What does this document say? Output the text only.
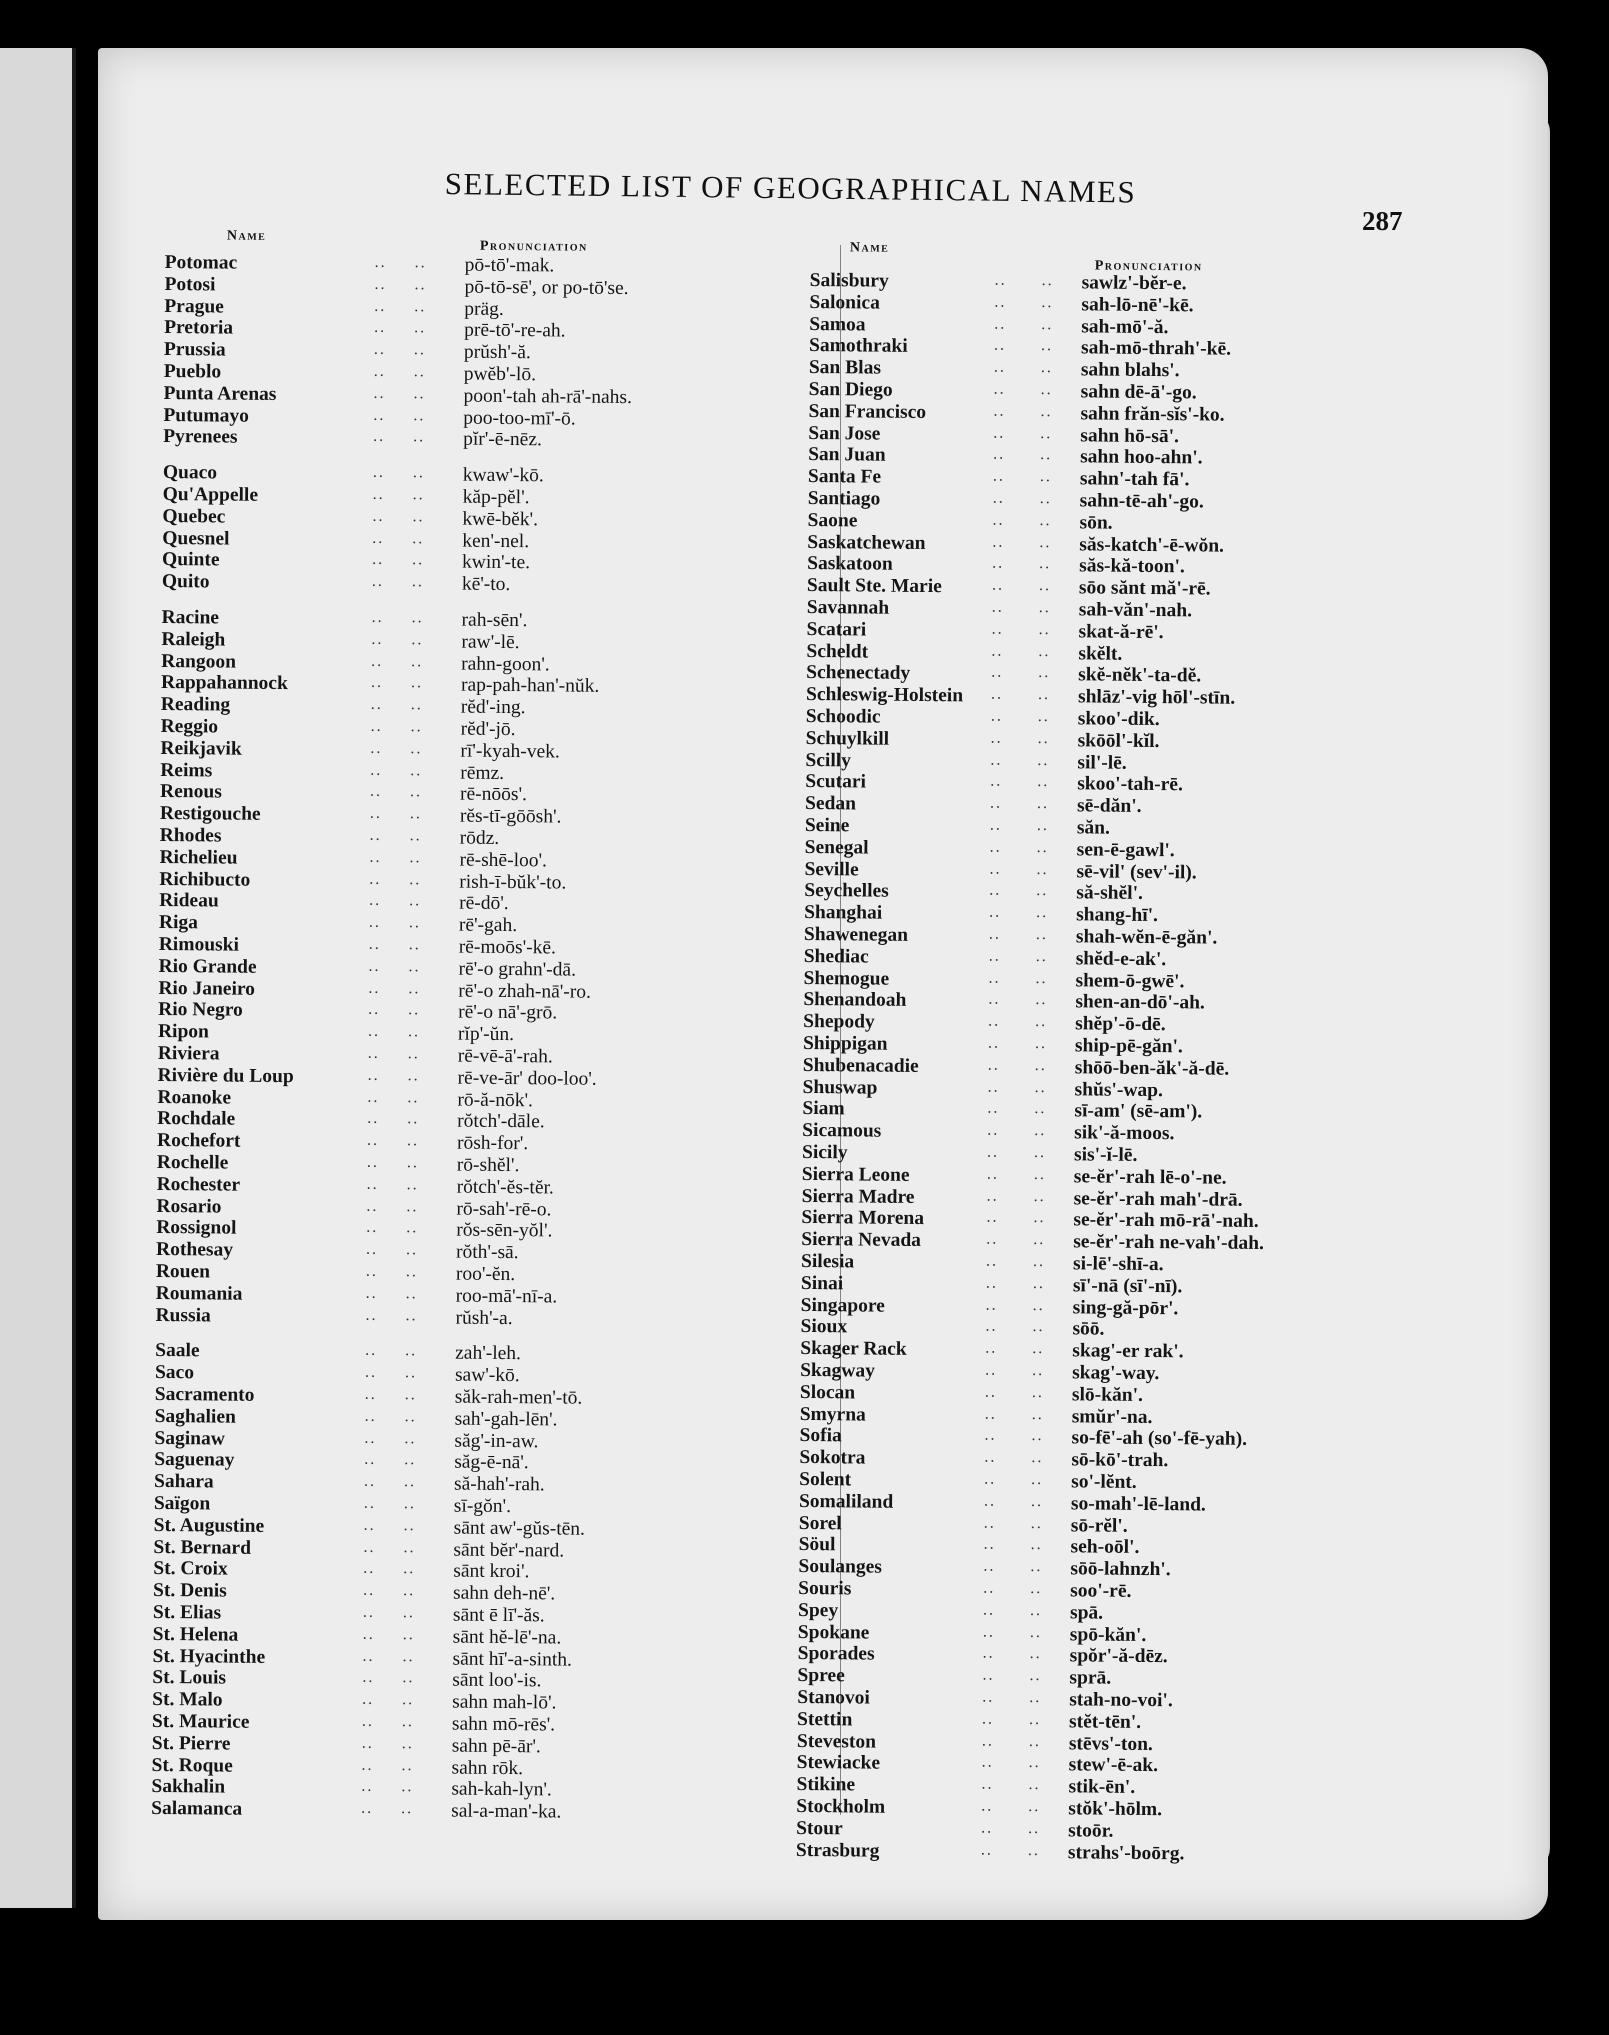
SELECTED LIST OF GEOGRAPHICAL NAMES
287
Name
Pronunciation
Potomac	.. .. pō-tō'-mak.
Potosi	.. .. pō-tō-sē', or po-tō'se.
Prague	.. .. präg.
Pretoria	.. .. prē-tō'-re-ah.
Prussia	.. .. prŭsh'-ă.
Pueblo	.. .. pwĕb'-lō.
Punta Arenas	.. .. poon'-tah ah-rā'-nahs.
Putumayo	.. .. poo-too-mī'-ō.
Pyrenees	.. .. pĭr'-ē-nēz.
Quaco	.. .. kwaw'-kō.
Qu'Appelle	.. .. kăp-pĕl'.
Quebec	.. .. kwē-bĕk'.
Quesnel	.. .. ken'-nel.
Quinte	.. .. kwin'-te.
Quito	.. .. kē'-to.
Racine	.. .. rah-sēn'.
Raleigh	.. .. raw'-lē.
Rangoon	.. .. rahn-goon'.
Rappahannock	.. .. rap-pah-han'-nŭk.
Reading	.. .. rĕd'-ing.
Reggio	.. .. rĕd'-jō.
Reikjavik	.. .. rī'-kyah-vek.
Reims	.. .. rēmz.
Renous	.. .. rē-nōōs'.
Restigouche	.. .. rĕs-tī-gōōsh'.
Rhodes	.. .. rōdz.
Richelieu	.. .. rē-shē-loo'.
Richibucto	.. .. rish-ī-bŭk'-to.
Rideau	.. .. rē-dō'.
Riga	.. .. rē'-gah.
Rimouski	.. .. rē-moōs'-kē.
Rio Grande	.. .. rē'-o grahn'-dā.
Rio Janeiro	.. .. rē'-o zhah-nā'-ro.
Rio Negro	.. .. rē'-o nā'-grō.
Ripon	.. .. rĭp'-ŭn.
Riviera	.. .. rē-vē-ā'-rah.
Rivière du Loup	.. .. rē-ve-ār' doo-loo'.
Roanoke	.. .. rō-ă-nōk'.
Rochdale	.. .. rŏtch'-dāle.
Rochefort	.. .. rōsh-for'.
Rochelle	.. .. rō-shĕl'.
Rochester	.. .. rŏtch'-ĕs-tĕr.
Rosario	.. .. rō-sah'-rē-o.
Rossignol	.. .. rŏs-sēn-yŏl'.
Rothesay	.. .. rŏth'-sā.
Rouen	.. .. roo'-ĕn.
Roumania	.. .. roo-mā'-nī-a.
Russia	.. .. rŭsh'-a.
Saale	.. .. zah'-leh.
Saco	.. .. saw'-kō.
Sacramento	.. .. săk-rah-men'-tō.
Saghalien	.. .. sah'-gah-lēn'.
Saginaw	.. .. săg'-in-aw.
Saguenay	.. .. săg-ē-nā'.
Sahara	.. .. să-hah'-rah.
Saïgon	.. .. sī-gŏn'.
St. Augustine	.. .. sānt aw'-gŭs-tēn.
St. Bernard	.. .. sānt bĕr'-nard.
St. Croix	.. .. sānt kroi'.
St. Denis	.. .. sahn deh-nē'.
St. Elias	.. .. sānt ē lī'-ăs.
St. Helena	.. .. sānt hĕ-lē'-na.
St. Hyacinthe	.. .. sānt hī'-a-sinth.
St. Louis	.. .. sānt loo'-is.
St. Malo	.. .. sahn mah-lō'.
St. Maurice	.. .. sahn mō-rēs'.
St. Pierre	.. .. sahn pē-ār'.
St. Roque	.. .. sahn rōk.
Sakhalin	.. .. sah-kah-lyn'.
Salamanca	.. .. sal-a-man'-ka.
Name
Pronunciation
Salisbury	.. .. sawlz'-bĕr-e.
Salonica	.. .. sah-lō-nē'-kē.
Samoa	.. .. sah-mō'-ă.
Samothraki	.. .. sah-mō-thrah'-kē.
San Blas	.. .. sahn blahs'.
San Diego	.. .. sahn dē-ā'-go.
San Francisco	.. .. sahn frăn-sĭs'-ko.
San Jose	.. .. sahn hō-sā'.
San Juan	.. .. sahn hoo-ahn'.
Santa Fe	.. .. sahn'-tah fā'.
Santiago	.. .. sahn-tē-ah'-go.
Saone	.. .. sōn.
Saskatchewan	.. .. săs-katch'-ē-wŏn.
Saskatoon	.. .. săs-kă-toon'.
Sault Ste. Marie	.. .. sōo sănt mă'-rē.
Savannah	.. .. sah-văn'-nah.
Scatari	.. .. skat-ă-rē'.
Scheldt	.. .. skĕlt.
Schenectady	.. .. skĕ-nĕk'-ta-dĕ.
Schleswig-Holstein .. .. shlāz'-vig hōl'-stīn.
Schoodic	.. .. skoo'-dik.
Schuylkill	.. .. skōōl'-kĭl.
Scilly	.. .. sil'-lē.
Scutari	.. .. skoo'-tah-rē.
Sedan	.. .. sē-dăn'.
Seine	.. .. săn.
Senegal	.. .. sen-ē-gawl'.
Seville	.. .. sē-vil' (sev'-il).
Seychelles	.. .. să-shĕl'.
Shanghai	.. .. shang-hī'.
Shawenegan	.. .. shah-wĕn-ē-găn'.
Shediac	.. .. shĕd-e-ak'.
Shemogue	.. .. shem-ō-gwē'.
Shenandoah	.. .. shen-an-dō'-ah.
Shepody	.. .. shĕp'-ō-dē.
Shippigan	.. .. ship-pē-găn'.
Shubenacadie	.. .. shōō-ben-ăk'-ă-dē.
Shuswap	.. .. shŭs'-wap.
Siam	.. .. sī-am' (sē-am').
Sicamous	.. .. sik'-ă-moos.
Sicily	.. .. sis'-ĭ-lē.
Sierra Leone	.. .. se-ĕr'-rah lē-o'-ne.
Sierra Madre	.. .. se-ĕr'-rah mah'-drā.
Sierra Morena	.. .. se-ĕr'-rah mō-rā'-nah.
Sierra Nevada	.. .. se-ĕr'-rah ne-vah'-dah.
Silesia	.. .. si-lē'-shī-a.
Sinai	.. .. sī'-nā (sī'-nī).
Singapore	.. .. sing-gă-pōr'.
Sioux	.. .. sōō.
Skager Rack	.. .. skag'-er rak'.
Skagway	.. .. skag'-way.
Slocan	.. .. slō-kăn'.
Smyrna	.. .. smŭr'-na.
Sofia	.. .. so-fē'-ah (so'-fē-yah).
Sokotra	.. .. sō-kō'-trah.
Solent	.. .. so'-lĕnt.
Somaliland	.. .. so-mah'-lē-land.
Sorel	.. .. sō-rĕl'.
Söul	.. .. seh-oōl'.
Soulanges	.. .. sōō-lahnzh'.
Souris	.. .. soo'-rē.
Spey	.. .. spā.
Spokane	.. .. spō-kăn'.
Sporades	.. .. spŏr'-ă-dēz.
Spree	.. .. sprā.
Stanovoi	.. .. stah-no-voi'.
Stettin	.. .. stĕt-tēn'.
Steveston	.. .. stēvs'-ton.
Stewiacke	.. .. stew'-ē-ak.
Stikine	.. .. stik-ēn'.
Stockholm	.. .. stŏk'-hōlm.
Stour	.. .. stoōr.
Strasburg	.. .. strahs'-boōrg.
